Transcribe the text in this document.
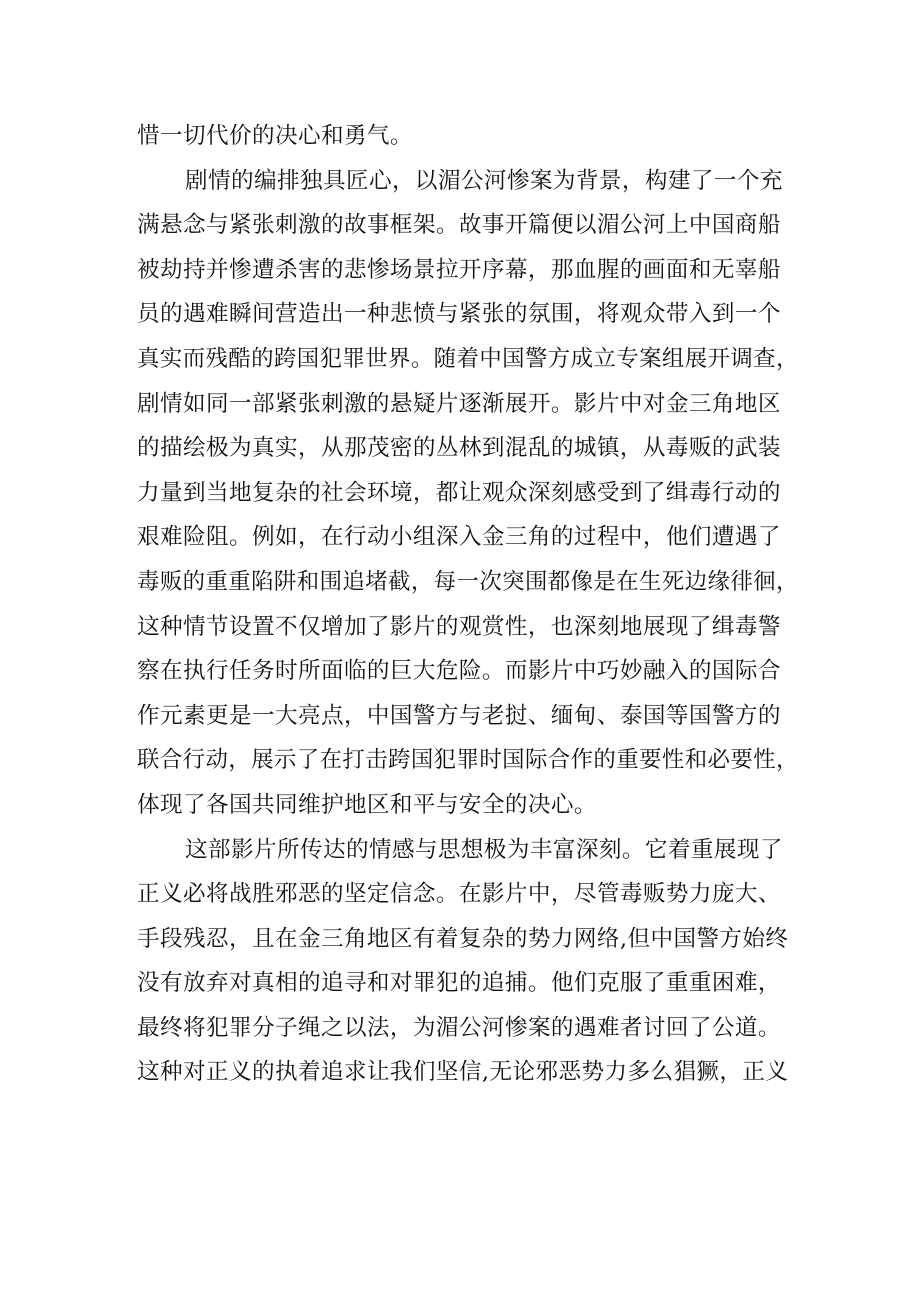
惜一切代价的决心和勇气。
剧情的编排独具匠心，以湄公河惨案为背景，构建了一个充
满悬念与紧张刺激的故事框架。故事开篇便以湄公河上中国商船
被劫持并惨遭杀害的悲惨场景拉开序幕，那血腥的画面和无辜船
员的遇难瞬间营造出一种悲愤与紧张的氛围，将观众带入到一个
真实而残酷的跨国犯罪世界。随着中国警方成立专案组展开调查，
剧情如同一部紧张刺激的悬疑片逐渐展开。影片中对金三角地区
的描绘极为真实，从那茂密的丛林到混乱的城镇，从毒贩的武装
力量到当地复杂的社会环境，都让观众深刻感受到了缉毒行动的
艰难险阻。例如，在行动小组深入金三角的过程中，他们遭遇了
毒贩的重重陷阱和围追堵截，每一次突围都像是在生死边缘徘徊，
这种情节设置不仅增加了影片的观赏性，也深刻地展现了缉毒警
察在执行任务时所面临的巨大危险。而影片中巧妙融入的国际合
作元素更是一大亮点，中国警方与老挝、缅甸、泰国等国警方的
联合行动，展示了在打击跨国犯罪时国际合作的重要性和必要性，
体现了各国共同维护地区和平与安全的决心。
这部影片所传达的情感与思想极为丰富深刻。它着重展现了
正义必将战胜邪恶的坚定信念。在影片中，尽管毒贩势力庞大、
手段残忍，且在金三角地区有着复杂的势力网络,但中国警方始终
没有放弃对真相的追寻和对罪犯的追捕。他们克服了重重困难，
最终将犯罪分子绳之以法，为湄公河惨案的遇难者讨回了公道。
这种对正义的执着追求让我们坚信,无论邪恶势力多么猖獗，正义
